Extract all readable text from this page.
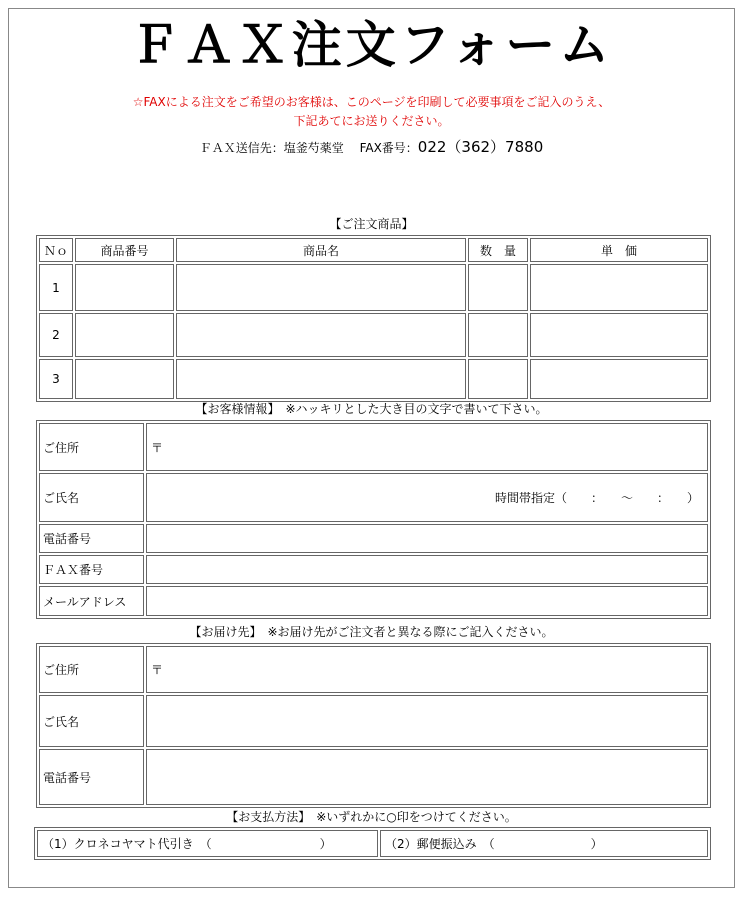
ＦＡＸ注文フォーム
☆FAXによる注文をご希望のお客様は、このページを印刷して必要事項をご記入のうえ、
下記あてにお送りください。
ＦＡＸ送信先：塩釜芍薬堂　 FAX番号：022（362）7880
【ご注文商品】
Ｎｏ	商品番号	商品名	数　量	単　価
1				
2				
3				
【お客様情報】　※ハッキリとした大き目の文字で書いて下さい。
ご住所	〒
ご氏名	時間帯指定（　　：　　～　　：　　）
電話番号	
ＦＡＸ番号	
メールアドレス	
【お届け先】　※お届け先がご注文者と異なる際にご記入ください。
ご住所	〒
ご氏名	
電話番号	
【お支払方法】　※いずれかに○印をつけてください。
（1）クロネコヤマト代引き　（　　　　　　　　　）	（2）郵便振込み　（　　　　　　　　）
